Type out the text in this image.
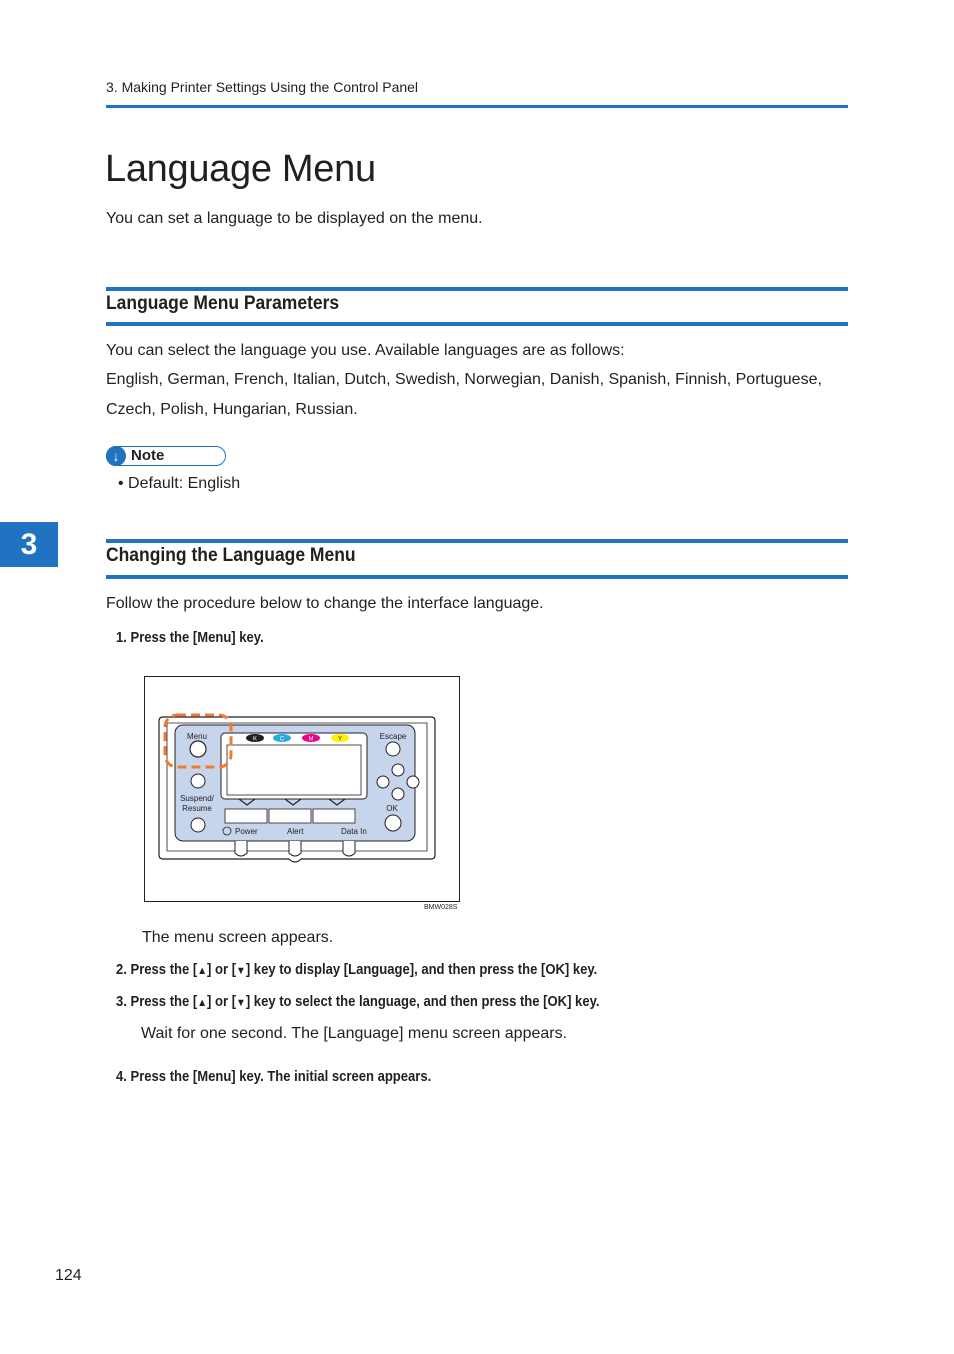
3. Making Printer Settings Using the Control Panel
Language Menu
You can set a language to be displayed on the menu.
Language Menu Parameters
You can select the language you use. Available languages are as follows:
English, German, French, Italian, Dutch, Swedish, Norwegian, Danish, Spanish, Finnish, Portuguese,
Czech, Polish, Hungarian, Russian.
↓ Note
• Default: English
3	Changing the Language Menu
Follow the procedure below to change the interface language.
1. Press the [Menu] key.
K	C	M	Y
Menu
Suspend/
Resume
Escape
OK
Power	Alert	Data In
BMW028S
The menu screen appears.
2. Press the [▲] or [▼] key to display [Language], and then press the [OK] key.
3. Press the [▲] or [▼] key to select the language, and then press the [OK] key.
Wait for one second. The [Language] menu screen appears.
4. Press the [Menu] key. The initial screen appears.
124
